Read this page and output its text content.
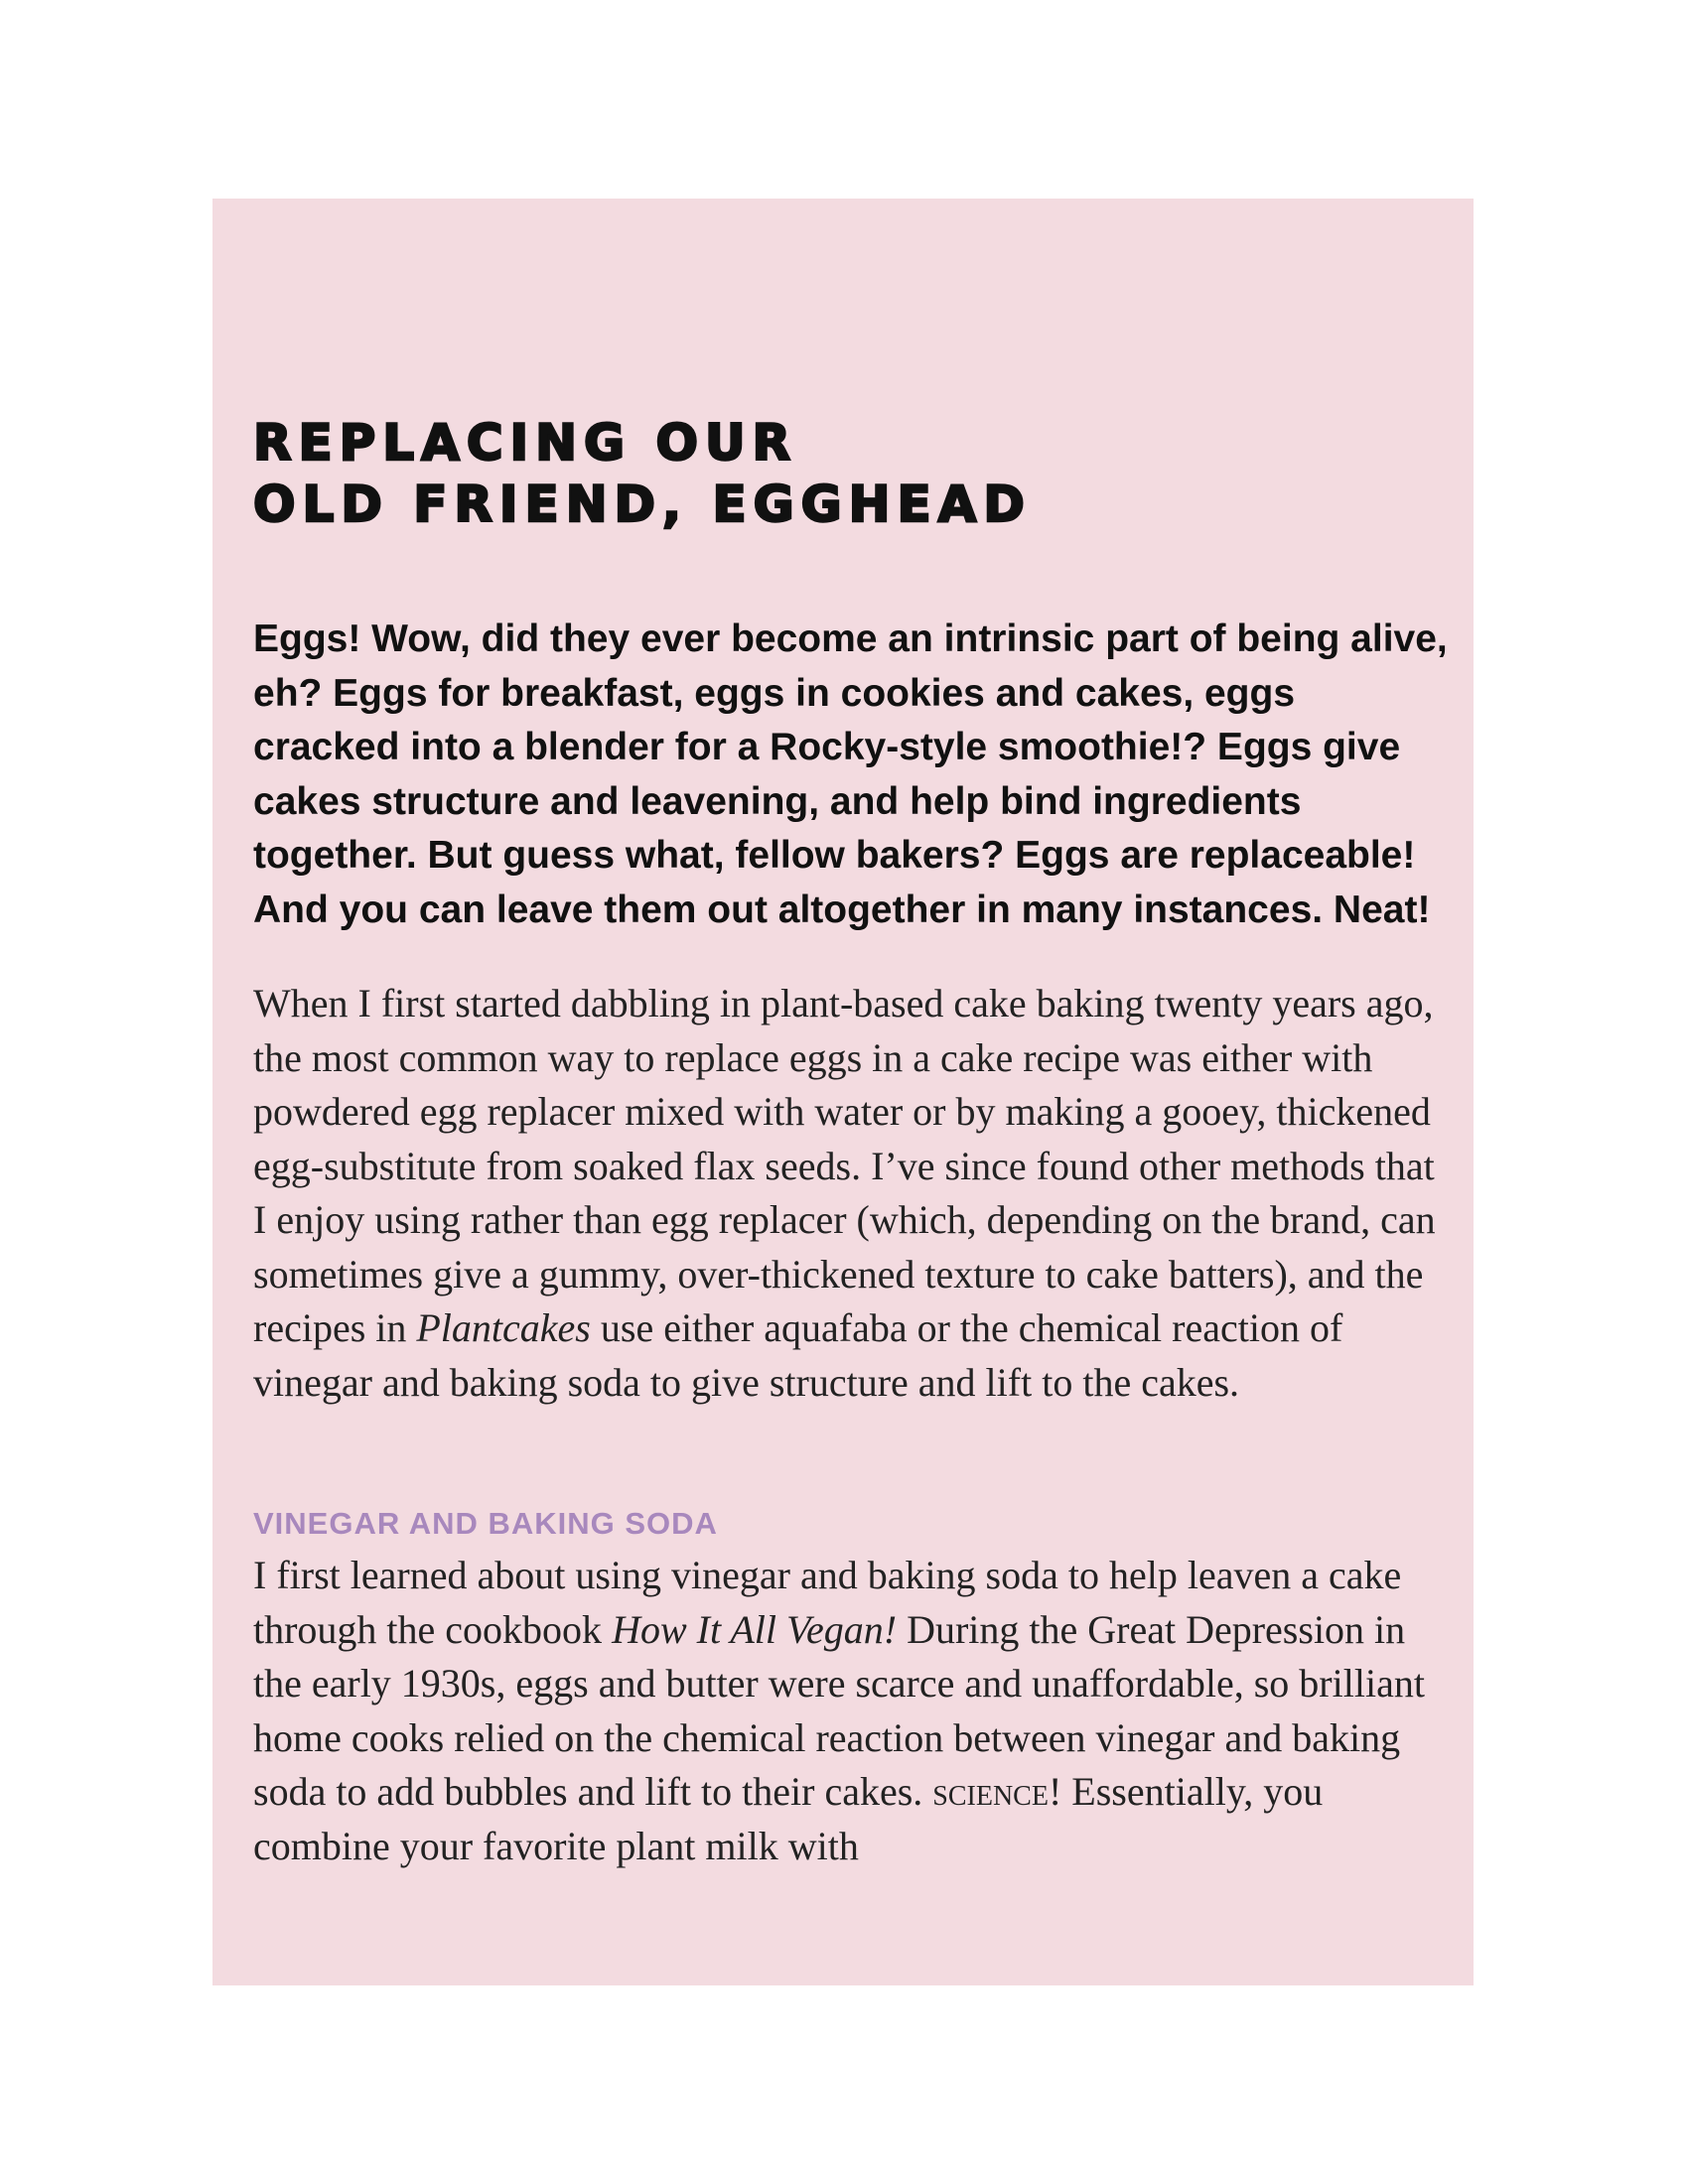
REPLACING OUR
OLD FRIEND, EGGHEAD

Eggs! Wow, did they ever become an intrinsic part of being alive, eh? Eggs for breakfast, eggs in cookies and cakes, eggs cracked into a blender for a Rocky-style smoothie!? Eggs give cakes structure and leavening, and help bind ingredients together. But guess what, fellow bakers? Eggs are replaceable! And you can leave them out altogether in many instances. Neat!

When I first started dabbling in plant-based cake baking twenty years ago, the most common way to replace eggs in a cake recipe was either with powdered egg replacer mixed with water or by making a gooey, thickened egg-substitute from soaked flax seeds. I’ve since found other methods that I enjoy using rather than egg replacer (which, depending on the brand, can sometimes give a gummy, over-thickened texture to cake batters), and the recipes in Plantcakes use either aquafaba or the chemical reaction of vinegar and baking soda to give structure and lift to the cakes.

VINEGAR AND BAKING SODA

I first learned about using vinegar and baking soda to help leaven a cake through the cookbook How It All Vegan! During the Great Depression in the early 1930s, eggs and butter were scarce and unaffordable, so brilliant home cooks relied on the chemical reaction between vinegar and baking soda to add bubbles and lift to their cakes. science! Essentially, you combine your favorite plant milk with
